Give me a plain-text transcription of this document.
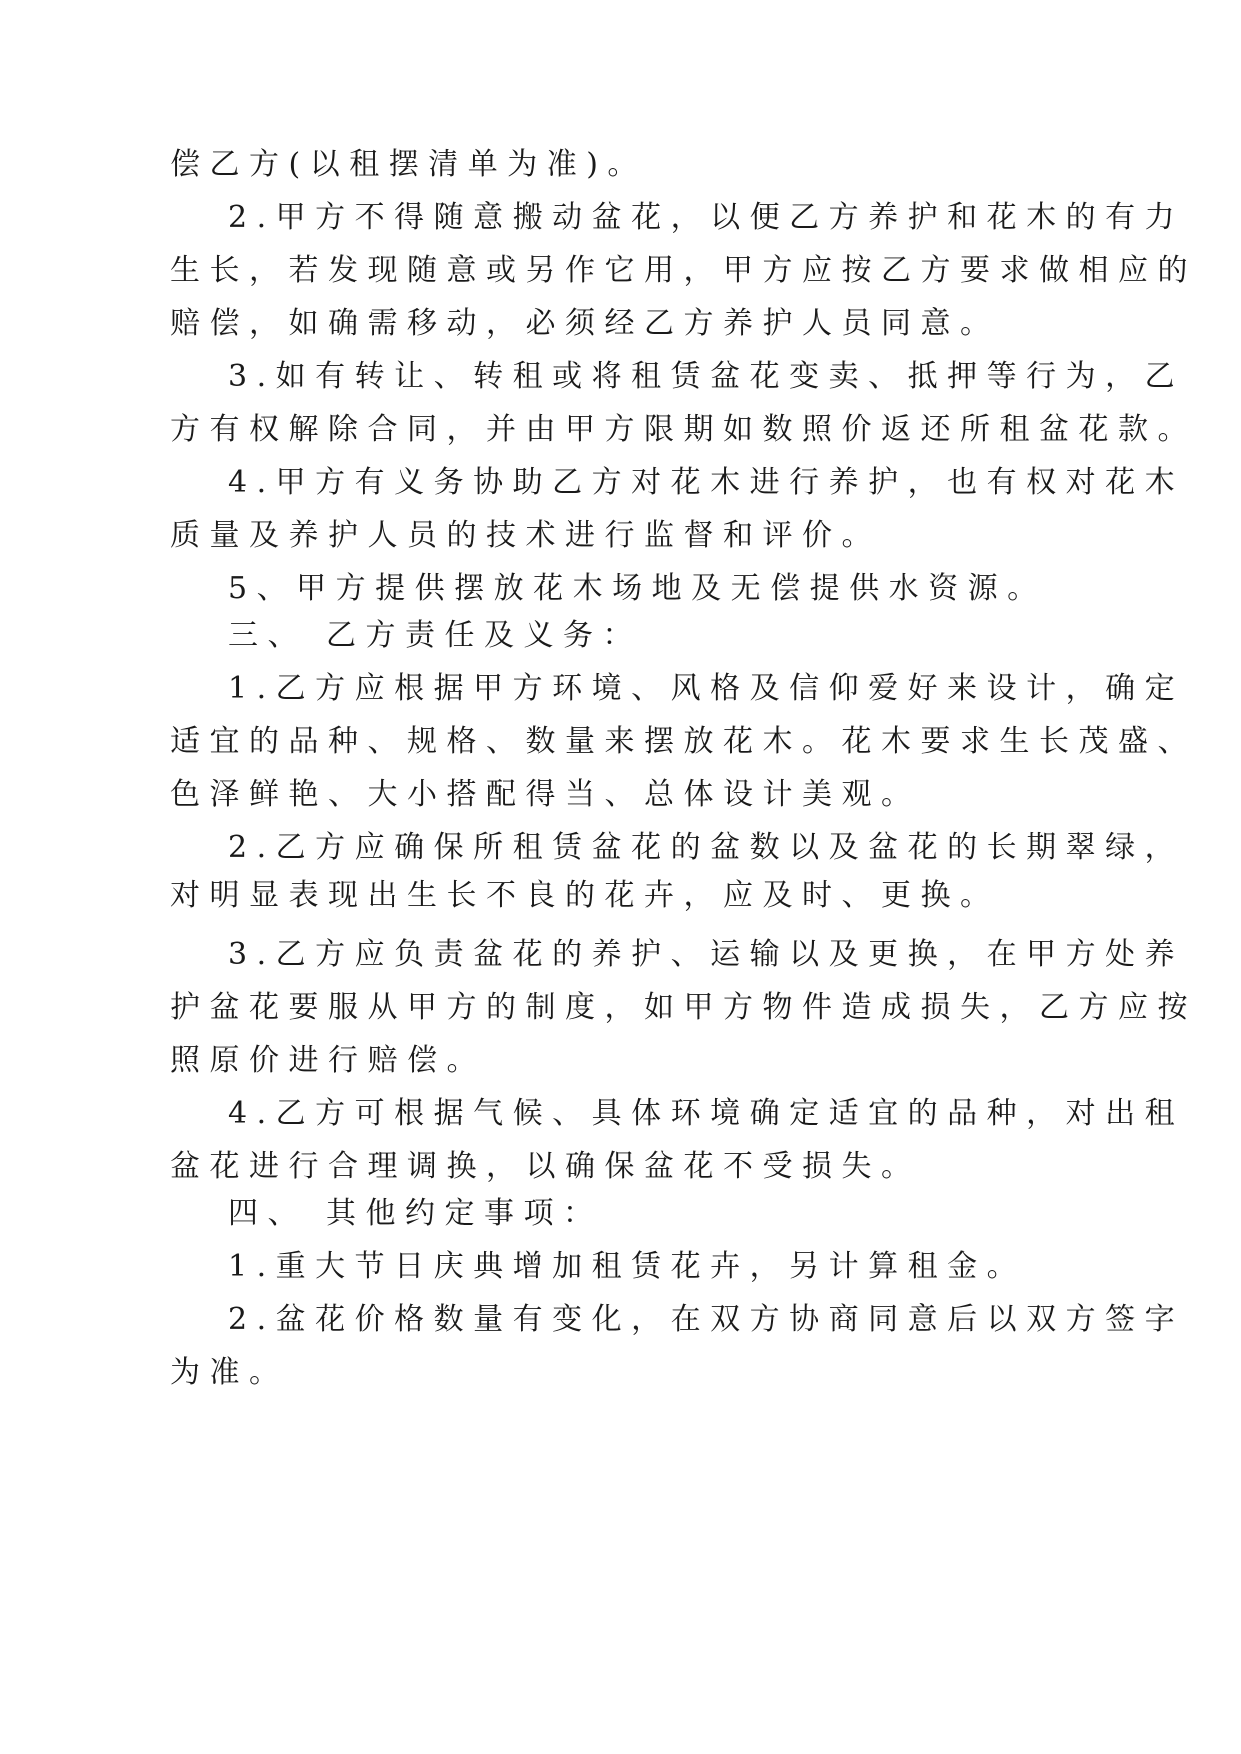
偿乙方(以租摆清单为准)。
2.甲方不得随意搬动盆花，以便乙方养护和花木的有力
生长，若发现随意或另作它用，甲方应按乙方要求做相应的
赔偿，如确需移动，必须经乙方养护人员同意。
3.如有转让、转租或将租赁盆花变卖、抵押等行为，乙
方有权解除合同，并由甲方限期如数照价返还所租盆花款。
4.甲方有义务协助乙方对花木进行养护，也有权对花木
质量及养护人员的技术进行监督和评价。
5、甲方提供摆放花木场地及无偿提供水资源。
三、 乙方责任及义务：
1.乙方应根据甲方环境、风格及信仰爱好来设计，确定
适宜的品种、规格、数量来摆放花木。花木要求生长茂盛、
色泽鲜艳、大小搭配得当、总体设计美观。
2.乙方应确保所租赁盆花的盆数以及盆花的长期翠绿，
对明显表现出生长不良的花卉，应及时、更换。
3.乙方应负责盆花的养护、运输以及更换，在甲方处养
护盆花要服从甲方的制度，如甲方物件造成损失，乙方应按
照原价进行赔偿。
4.乙方可根据气候、具体环境确定适宜的品种，对出租
盆花进行合理调换，以确保盆花不受损失。
四、 其他约定事项：
1.重大节日庆典增加租赁花卉，另计算租金。
2.盆花价格数量有变化，在双方协商同意后以双方签字
为准。
